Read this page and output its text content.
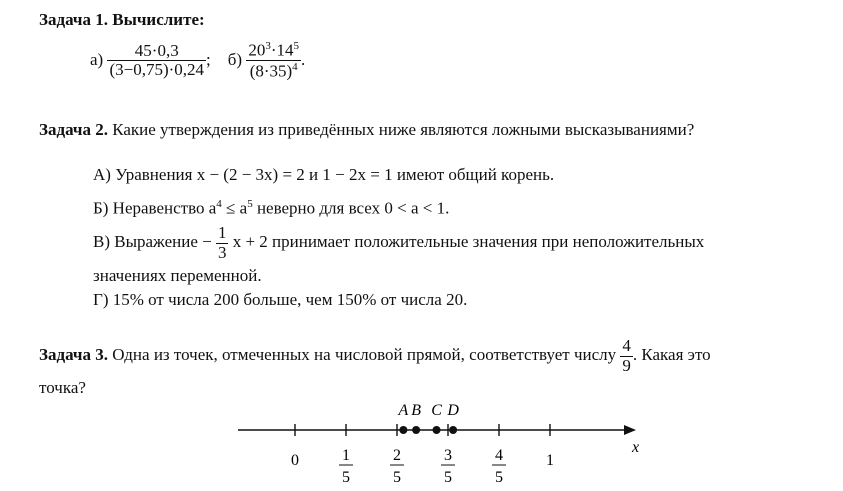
Задача 1. Вычислите:
$а) \frac{45\cdot 0,3}{(3-0,75)\cdot 0,24}$ ; $б) \frac{20^3\cdot 14^5}{(8\cdot 35)^4}$ .
Задача 2. Какие утверждения из приведённых ниже являются ложными высказываниями?
А) Уравнения x − (2 − 3x) = 2 и 1 − 2x = 1 имеют общий корень.
Б) Неравенство $a^4 \le a^5$ неверно для всех 0 < a < 1.
В) Выражение − $\frac{1}{3}$ x + 2 принимает положительные значения при неположительных
значениях переменной.
Г) 15% от числа 200 больше, чем 150% от числа 20.
Задача 3. Одна из точек, отмеченных на числовой прямой, соответствует числу $\frac{4}{9}$ . Какая это
точка?
x
0	1
1
5
2
5
3
5
4
5
A B C D
